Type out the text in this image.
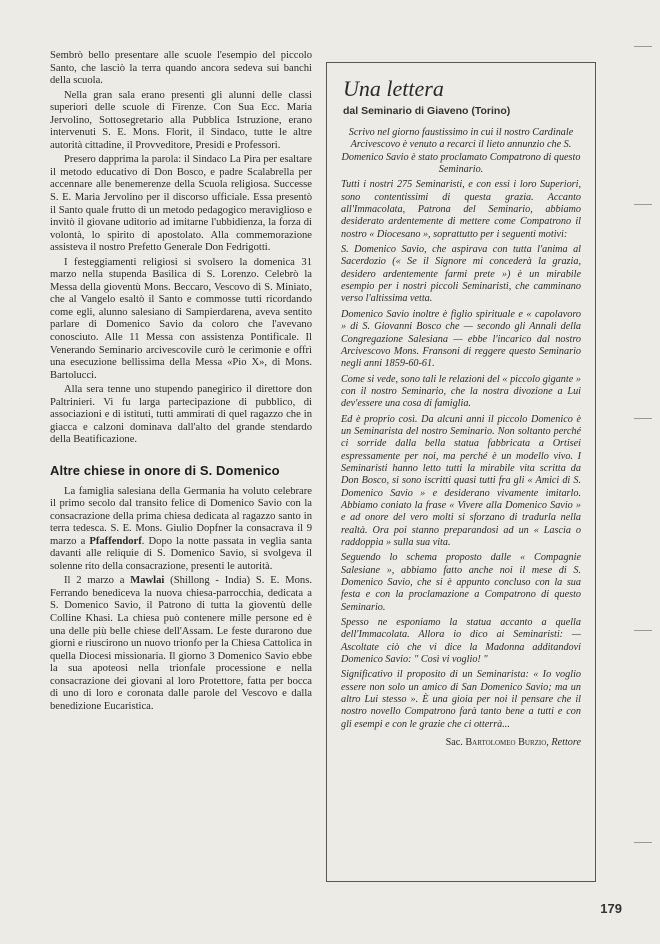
Sembrò bello presentare alle scuole l'esempio del piccolo Santo, che lasciò la terra quando ancora sedeva sui banchi della scuola.

Nella gran sala erano presenti gli alunni delle classi superiori delle scuole di Firenze. Con Sua Ecc. Maria Jervolino, Sottosegretario alla Pubblica Istruzione, erano intervenuti S. E. Mons. Florit, il Sindaco, tutte le altre autorità cittadine, il Provveditore, Presidi e Professori.

Presero dapprima la parola: il Sindaco La Pira per esaltare il metodo educativo di Don Bosco, e padre Scalabrella per accennare alle benemerenze della Scuola religiosa. Successe S. E. Maria Jervolino per il discorso ufficiale. Essa presentò il Santo quale frutto di un metodo pedagogico meraviglioso e invitò il giovane uditorio ad imitarne l'ubbidienza, la forza di volontà, lo spirito di apostolato. Alla commemorazione assisteva il nostro Prefetto Generale Don Fedrigotti.

I festeggiamenti religiosi si svolsero la domenica 31 marzo nella stupenda Basilica di S. Lorenzo. Celebrò la Messa della gioventù Mons. Beccaro, Vescovo di S. Miniato, che al Vangelo esaltò il Santo e commosse tutti ricordando come egli, alunno salesiano di Sampierdarena, aveva sentito parlare di Domenico Savio da coloro che l'avevano conosciuto. Alle 11 Messa con assistenza Pontificale. Il Venerando Seminario arcivescovile curò le cerimonie e offrì una esecuzione bellissima della Messa «Pio X», di Mons. Bartolucci.

Alla sera tenne uno stupendo panegirico il direttore don Paltrinieri. Vi fu larga partecipazione di pubblico, di associazioni e di istituti, tutti ammirati di quel ragazzo che in giacca e calzoni dominava dall'alto del grande stendardo della Beatificazione.

Altre chiese in onore di S. Domenico

La famiglia salesiana della Germania ha voluto celebrare il primo secolo dal transito felice di Domenico Savio con la consacrazione della prima chiesa dedicata al ragazzo santo in terra tedesca. S. E. Mons. Giulio Dopfner la consacrava il 9 marzo a Pfaffendorf. Dopo la notte passata in veglia santa davanti alle reliquie di S. Domenico Savio, si svolgeva il solenne rito della consacrazione, presenti le autorità.

Il 2 marzo a Mawlai (Shillong - India) S. E. Mons. Ferrando benediceva la nuova chiesa-parrocchia, dedicata a S. Domenico Savio, il Patrono di tutta la gioventù delle Colline Khasi. La chiesa può contenere mille persone ed è una delle più belle chiese dell'Assam. Le feste durarono due giorni e riuscirono un nuovo trionfo per la Chiesa Cattolica in quella Diocesi missionaria. Il giorno 3 Domenico Savio ebbe la sua apoteosi nella trionfale processione e nella consacrazione dei giovani al loro Protettore, fatta per bocca di uno di loro e coronata dalle parole del Vescovo e dalla benedizione Eucaristica.

Una lettera
dal Seminario di Giaveno (Torino)

Scrivo nel giorno faustissimo in cui il nostro Cardinale Arcivescovo è venuto a recarci il lieto annunzio che S. Domenico Savio è stato proclamato Compatrono di questo Seminario.

Tutti i nostri 275 Seminaristi, e con essi i loro Superiori, sono contentissimi di questa grazia. Accanto all'Immacolata, Patrona del Seminario, abbiamo desiderato ardentemente di mettere come Compatrono il nostro « Diocesano », soprattutto per i seguenti motivi:

S. Domenico Savio, che aspirava con tutta l'anima al Sacerdozio (« Se il Signore mi concederà la grazia, desidero ardentemente farmi prete ») è un mirabile esempio per i nostri piccoli Seminaristi, che camminano verso l'altissima vetta.

Domenico Savio inoltre è figlio spirituale e « capolavoro » di S. Giovanni Bosco che — secondo gli Annali della Congregazione Salesiana — ebbe l'incarico dal nostro Arcivescovo Mons. Fransoni di reggere questo Seminario negli anni 1859-60-61.

Come si vede, sono tali le relazioni del « piccolo gigante » con il nostro Seminario, che la nostra divozione a Lui dev'essere una cosa di famiglia.

Ed è proprio così. Da alcuni anni il piccolo Domenico è un Seminarista del nostro Seminario. Non soltanto perché ci sorride dalla bella statua fabbricata a Ortisei espressamente per noi, ma perché è un modello vivo. I Seminaristi hanno letto tutti la mirabile vita scritta da Don Bosco, si sono iscritti quasi tutti fra gli « Amici di S. Domenico Savio » e desiderano vivamente imitarlo. Abbiamo coniato la frase « Vivere alla Domenico Savio » e ad onore del vero molti si sforzano di tradurla nella realtà. Ora poi stanno preparandosi ad un « Lascia o raddoppia » sulla sua vita.

Seguendo lo schema proposto dalle « Compagnie Salesiane », abbiamo fatto anche noi il mese di S. Domenico Savio, che si è appunto concluso con la sua festa e con la proclamazione a Compatrono di questo Seminario.

Spesso ne esponiamo la statua accanto a quella dell'Immacolata. Allora io dico ai Seminaristi: — Ascoltate ciò che vi dice la Madonna additandovi Domenico Savio: " Così vi voglio! "

Significativo il proposito di un Seminarista: « Io voglio essere non solo un amico di San Domenico Savio; ma un altro Lui stesso ». È una gioia per noi il pensare che il nostro novello Compatrono farà tanto bene a tutti e con gli esempi e con le grazie che ci otterrà...

Sac. Bartolomeo Burzio, Rettore
179
